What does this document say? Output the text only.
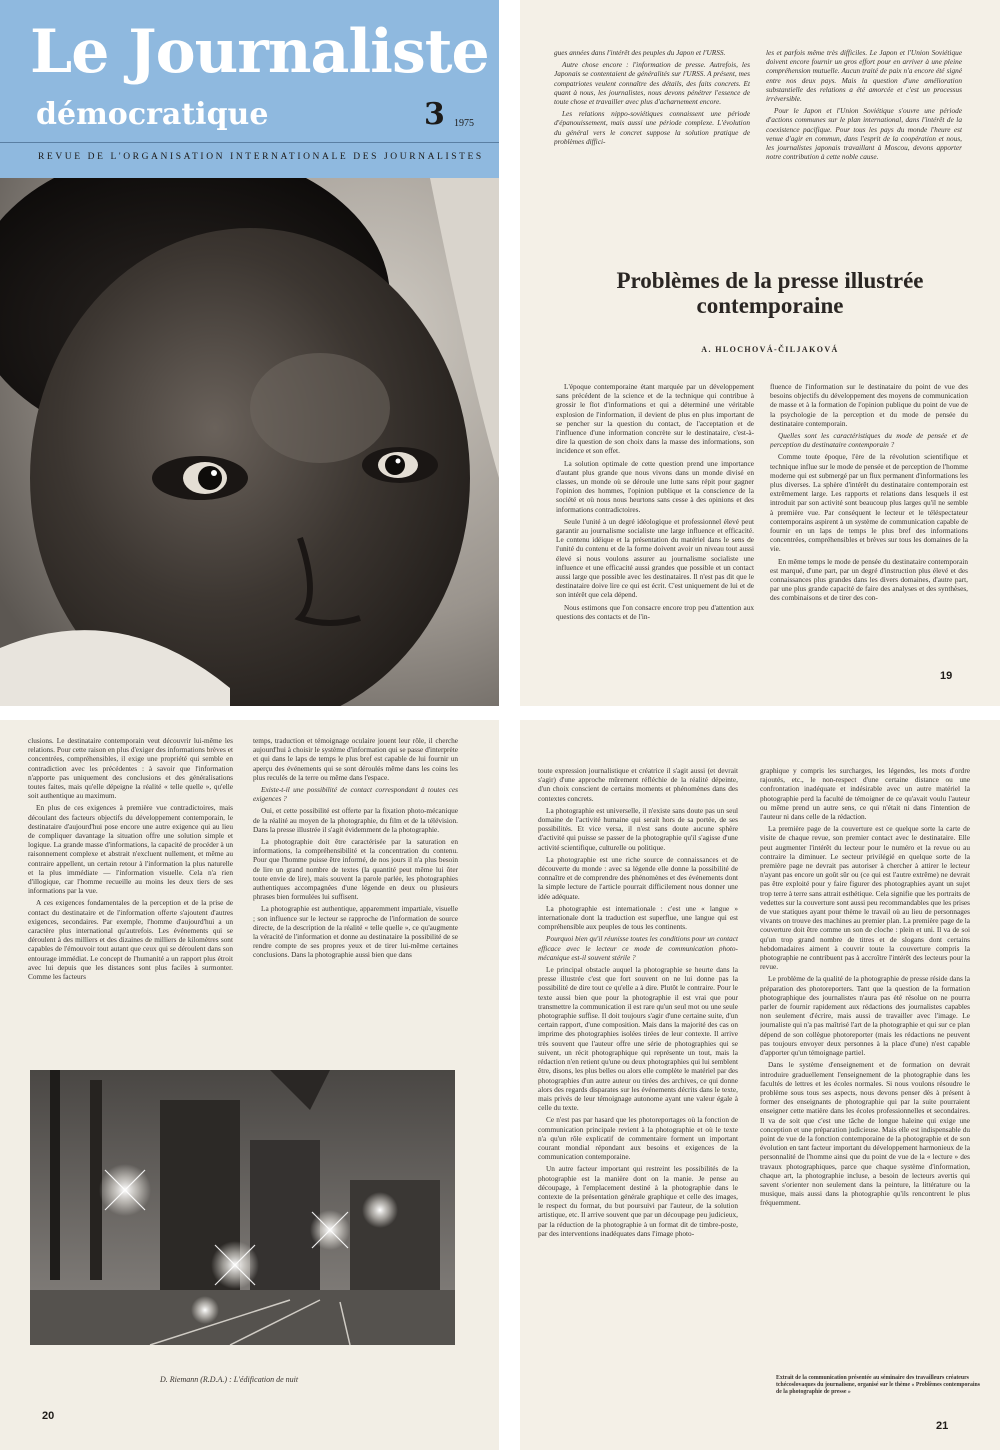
Le Journaliste
démocratique	3 1975
REVUE DE L'ORGANISATION INTERNATIONALE DES JOURNALISTES

gues années dans l'intérêt des peuples du Japon et l'URSS.

Autre chose encore : l'information de presse. Autrefois, les Japonais se contentaient de généralités sur l'URSS. A présent, mes compatriotes veulent connaître des détails, des faits concrets. Et quant à nous, les journalistes, nous devons pénétrer l'essence de toute chose et travailler avec plus d'acharnement encore.

Les relations nippo-soviétiques connaissent une période d'épanouissement, mais aussi une période complexe. L'évolution du général vers le concret suppose la solution pratique de problèmes diffici-

les et parfois même très difficiles. Le Japon et l'Union Soviétique doivent encore fournir un gros effort pour en arriver à une pleine compréhension mutuelle. Aucun traité de paix n'a encore été signé entre nos deux pays. Mais la question d'une amélioration substantielle des relations a été amorcée et c'est un processus irréversible.

Pour le Japon et l'Union Soviétique s'ouvre une période d'actions communes sur le plan international, dans l'intérêt de la coexistence pacifique. Pour tous les pays du monde l'heure est venue d'agir en commun, dans l'esprit de la coopération et nous, les journalistes japonais travaillant à Moscou, devons apporter notre contribution à cette noble cause.

Problèmes de la presse illustrée contemporaine
A. HLOCHOVÁ-ČILJAKOVÁ

L'époque contemporaine étant marquée par un développement sans précédent de la science et de la technique qui contribue à grossir le flot d'informations et qui a déterminé une véritable explosion de l'information, il devient de plus en plus important de se pencher sur la question du contact, de l'acceptation et de l'influence d'une information concrète sur le destinataire, c'est-à-dire la question de son choix dans la masse des informations, son incidence et son effet.

La solution optimale de cette question prend une importance d'autant plus grande que nous vivons dans un monde divisé en classes, un monde où se déroule une lutte sans répit pour gagner l'opinion des hommes, l'opinion publique et la conscience de la société et où nous nous heurtons sans cesse à des opinions et des informations contradictoires.

Seule l'unité à un degré idéologique et professionnel élevé peut garantir au journalisme socialiste une large influence et efficacité. Le contenu idéique et la présentation du matériel dans le sens de l'unité du contenu et de la forme doivent avoir un niveau tout aussi élevé si nous voulons assurer au journalisme socialiste une influence et une efficacité aussi grandes que possible et un contact aussi large que possible avec les destinataires. Il n'est pas dit que le destinataire doive lire ce qui est écrit. C'est uniquement de lui et de son intérêt que cela dépend.

Nous estimons que l'on consacre encore trop peu d'attention aux questions des contacts et de l'in-

fluence de l'information sur le destinataire du point de vue des besoins objectifs du développement des moyens de communication de masse et à la formation de l'opinion publique du point de vue de la psychologie de la perception et du mode de pensée du destinataire contemporain.

Quelles sont les caractéristiques du mode de pensée et de perception du destinataire contemporain ?

Comme toute époque, l'ère de la révolution scientifique et technique influe sur le mode de pensée et de perception de l'homme moderne qui est submergé par un flux permanent d'informations les plus diverses. La sphère d'intérêt du destinataire contemporain est extrêmement large. Les rapports et relations dans lesquels il est introduit par son activité sont beaucoup plus larges qu'il ne semble à première vue. Par conséquent le lecteur et le téléspectateur contemporains aspirent à un système de communication capable de fournir en un laps de temps le plus bref des informations concentrées, compréhensibles et brèves sur tous les domaines de la vie.

En même temps le mode de pensée du destinataire contemporain est marqué, d'une part, par un degré d'instruction plus élevé et des connaissances plus grandes dans les divers domaines, d'autre part, par une plus grande capacité de faire des analyses et des synthèses, des combinaisons et de tirer des con-

19

clusions. Le destinataire contemporain veut découvrir lui-même les relations. Pour cette raison en plus d'exiger des informations brèves et concentrées, compréhensibles, il exige une propriété qui semble en contradiction avec les précédentes : à savoir que l'information n'apporte pas uniquement des conclusions et des généralisations toutes faites, mais qu'elle dépeigne la réalité « telle quelle », qu'elle soit authentique au maximum.

En plus de ces exigences à première vue contradictoires, mais découlant des facteurs objectifs du développement contemporain, le destinataire d'aujourd'hui pose encore une autre exigence qui au lieu de compliquer davantage la situation offre une solution simple et logique. La grande masse d'informations, la capacité de procéder à un raisonnement complexe et abstrait n'excluent nullement, et même au contraire appellent, un certain retour à l'information la plus naturelle et la plus immédiate — l'information visuelle. Cela n'a rien d'illogique, car l'homme recueille au moins les deux tiers de ses informations par la vue.

A ces exigences fondamentales de la perception et de la prise de contact du destinataire et de l'information offerte s'ajoutent d'autres exigences, secondaires. Par exemple, l'homme d'aujourd'hui a un caractère plus international qu'autrefois. Les événements qui se déroulent à des milliers et des dizaines de milliers de kilomètres sont capables de l'émouvoir tout autant que ceux qui se déroulent dans son entourage immédiat. Le concept de l'humanité a un rapport plus étroit avec lui depuis que les distances sont plus faciles à surmonter. Comme les facteurs

temps, traduction et témoignage oculaire jouent leur rôle, il cherche aujourd'hui à choisir le système d'information qui se passe d'interprète et qui dans le laps de temps le plus bref est capable de lui fournir un aperçu des événements qui se sont déroulés même dans les coins les plus reculés de la terre ou même dans l'espace.

Existe-t-il une possibilité de contact correspondant à toutes ces exigences ?

Oui, et cette possibilité est offerte par la fixation photo-mécanique de la réalité au moyen de la photographie, du film et de la télévision. Dans la presse illustrée il s'agit évidemment de la photographie.

La photographie doit être caractérisée par la saturation en informations, la compréhensibilité et la concentration du contenu. Pour que l'homme puisse être informé, de nos jours il n'a plus besoin de lire un grand nombre de textes (la quantité peut même lui ôter toute envie de lire), mais souvent la parole parlée, les photographies authentiques accompagnées d'une légende en deux ou plusieurs phrases bien formulées lui suffisent.

La photographie est authentique, apparemment impartiale, visuelle ; son influence sur le lecteur se rapproche de l'information de source directe, de la description de la réalité « telle quelle », ce qu'augmente la véracité de l'information et donne au destinataire la possibilité de se rendre compte de ses propres yeux et de tirer lui-même certaines conclusions. Dans la photographie aussi bien que dans

D. Riemann (R.D.A.) : L'édification de nuit
20

toute expression journalistique et créatrice il s'agit aussi (et devrait s'agir) d'une approche mûrement réfléchie de la réalité dépeinte, d'un choix conscient de certains moments et phénomènes dans des contextes concrets.

La photographie est universelle, il n'existe sans doute pas un seul domaine de l'activité humaine qui serait hors de sa portée, de ses possibilités. Et vice versa, il n'est sans doute aucune sphère d'activité qui puisse se passer de la photographie qu'il s'agisse d'une activité scientifique, culturelle ou politique.

La photographie est une riche source de connaissances et de découverte du monde : avec sa légende elle donne la possibilité de connaître et de comprendre des phénomènes et des événements dont la simple lecture de l'article pourrait difficilement nous donner une idée adéquate.

La photographie est internationale : c'est une « langue » internationale dont la traduction est superflue, une langue qui est compréhensible aux peuples de tous les continents.

Pourquoi bien qu'il réunisse toutes les conditions pour un contact efficace avec le lecteur ce mode de communication photo-mécanique est-il souvent stérile ?

Le principal obstacle auquel la photographie se heurte dans la presse illustrée c'est que fort souvent on ne lui donne pas la possibilité de dire tout ce qu'elle a à dire. Plutôt le contraire. Pour le texte aussi bien que pour la photographie il est vrai que pour transmettre la communication il est rare qu'un seul mot ou une seule photographie suffise. Il doit toujours s'agir d'une certaine suite, d'un certain rapport, d'une composition. Mais dans la majorité des cas on imprime des photographies isolées tirées de leur contexte. Il arrive très souvent que l'auteur offre une série de photographies qui se suivent, un récit photographique qui représente un tout, mais la rédaction n'en retient qu'une ou deux photographies qui lui semblent être, disons, les plus belles ou alors elle complète le matériel par des photographies d'un autre auteur ou tirées des archives, ce qui donne alors des regards disparates sur les événements décrits dans le texte, mais privés de leur témoignage autonome ayant une valeur égale à celle du texte.

Ce n'est pas par hasard que les photoreportages où la fonction de communication principale revient à la photographie et où le texte n'a qu'un rôle explicatif de commentaire forment un important courant mondial répondant aux besoins et exigences de la communication contemporaine.

Un autre facteur important qui restreint les possibilités de la photographie est la manière dont on la manie. Je pense au découpage, à l'emplacement destiné à la photographie dans le contexte de la présentation générale graphique et celle des images, le respect du format, du but poursuivi par l'auteur, de la solution artistique, etc. Il arrive souvent que par un découpage peu judicieux, par la réduction de la photographie à un format dit de timbre-poste, par des interventions inadéquates dans l'image photo-

graphique y compris les surcharges, les légendes, les mots d'ordre rajoutés, etc., le non-respect d'une certaine distance ou une confrontation inadéquate et indésirable avec un autre matériel la photographie perd la faculté de témoigner de ce qu'avait voulu l'auteur ou même prend un autre sens, ce qui n'était ni dans l'intention de l'auteur ni dans celle de la rédaction.

La première page de la couverture est ce quelque sorte la carte de visite de chaque revue, son premier contact avec le destinataire. Elle peut augmenter l'intérêt du lecteur pour le numéro et la revue ou au contraire la diminuer. Le secteur privilégié en quelque sorte de la première page ne devrait pas autoriser à chercher à attirer le lecteur n'ayant pas encore un goût sûr ou (ce qui est l'autre extrême) ne devrait pas être exploité pour y faire figurer des photographies ayant un sujet trop terre à terre sans attrait esthétique. Cela signifie que les portraits de vedettes sur la couverture sont aussi peu recommandables que les prises de vue statiques ayant pour thème le travail où au lieu de personnages vivants on trouve des machines au premier plan. La première page de la couverture doit être comme un son de cloche : plein et uni. Il va de soi qu'un trop grand nombre de titres et de slogans dont certains hebdomadaires aiment à couvrir toute la couverture compris la photographie ne contribuent pas à accroître l'intérêt des lecteurs pour la revue.

Le problème de la qualité de la photographie de presse réside dans la préparation des photoreporters. Tant que la question de la formation photographique des journalistes n'aura pas été résolue on ne pourra parler de fournir rapidement aux rédactions des journalistes capables non seulement d'écrire, mais aussi de travailler avec l'image. Le journaliste qui n'a pas maîtrisé l'art de la photographie et qui sur ce plan dépend de son collègue photoreporter (mais les rédactions ne peuvent pas toujours envoyer deux personnes à la place d'une) n'est capable d'apporter qu'un témoignage partiel.

Dans le système d'enseignement et de formation on devrait introduire graduellement l'enseignement de la photographie dans les facultés de lettres et les écoles normales. Si nous voulons résoudre le problème sous tous ses aspects, nous devons penser dès à présent à former des enseignants de photographie qui par la suite pourraient enseigner cette matière dans les écoles professionnelles et secondaires. Il va de soit que c'est une tâche de longue haleine qui exige une conception et une préparation judicieuse. Mais elle est indispensable du point de vue de la fonction contemporaine de la photographie et de son évolution en tant facteur important du développement harmonieux de la personnalité de l'homme ainsi que du point de vue de la « lecture » des travaux photographiques, parce que chaque système d'information, chaque art, la photographie incluse, a besoin de lecteurs avertis qui savent s'orienter non seulement dans la peinture, la littérature ou la musique, mais aussi dans la photographie qu'ils rencontrent le plus fréquemment.

Extrait de la communication présentée au séminaire des travailleurs créateurs tchécoslovaques du journalisme, organisé sur le thème « Problèmes contemporains de la photographie de presse »
21
